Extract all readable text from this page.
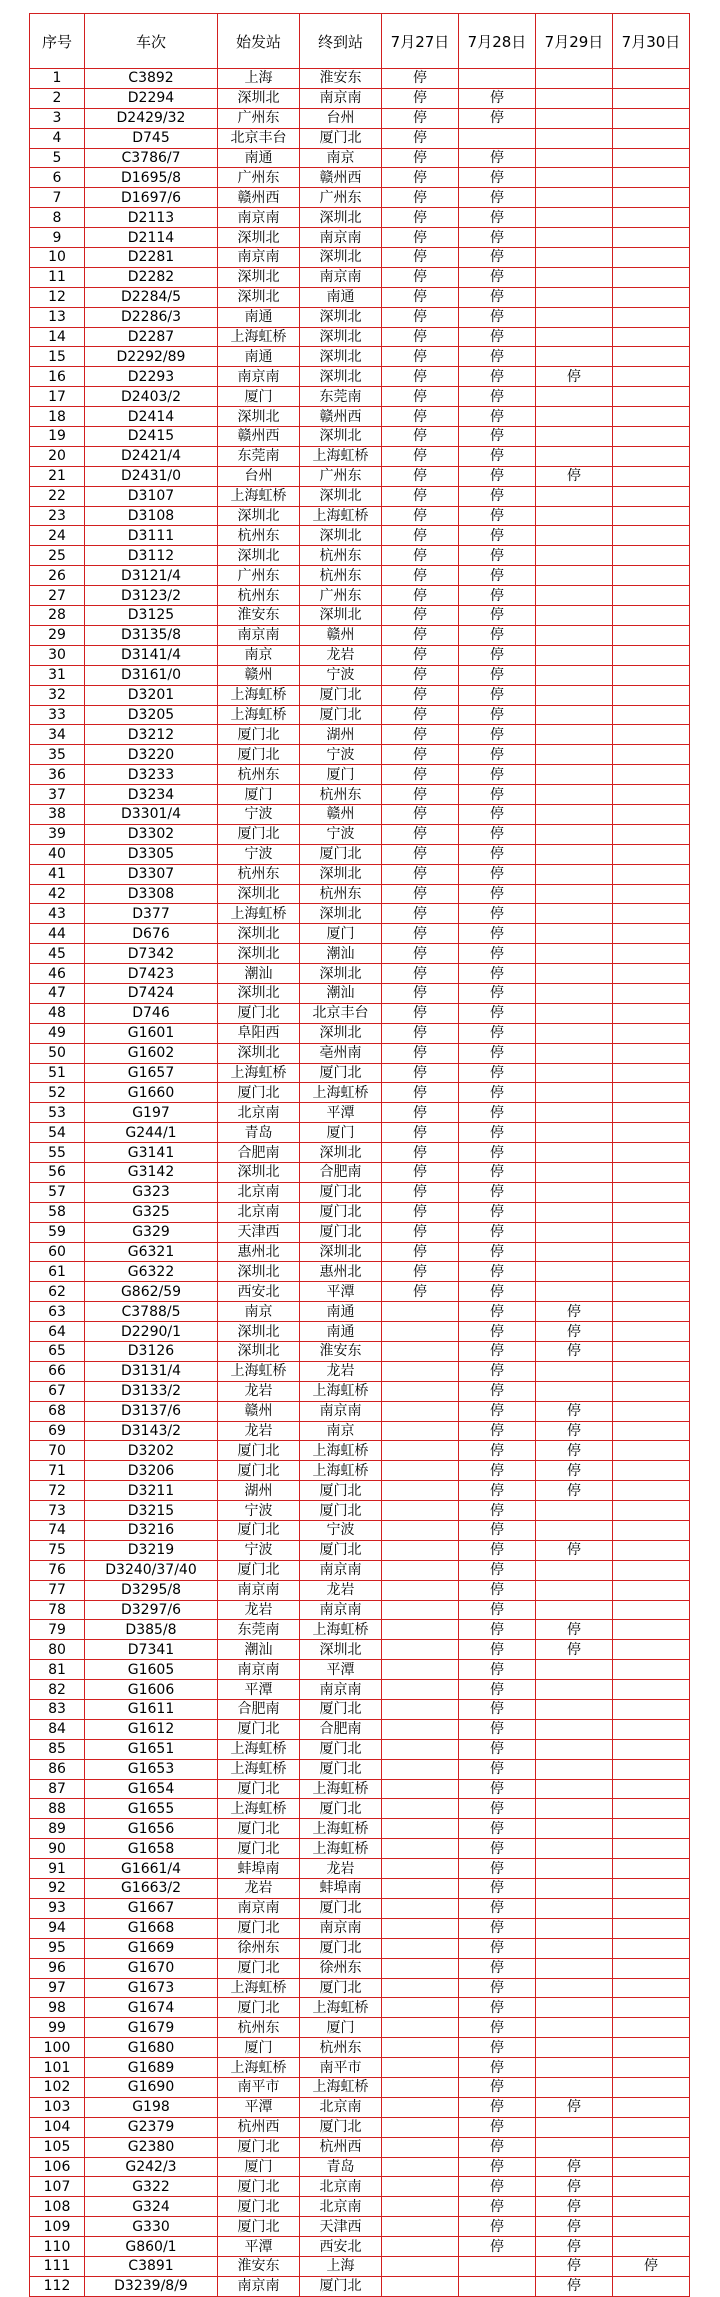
序号	车次	始发站	终到站	7月27日	7月28日	7月29日	7月30日
1	C3892	上海	淮安东	停			
2	D2294	深圳北	南京南	停	停		
3	D2429/32	广州东	台州	停	停		
4	D745	北京丰台	厦门北	停			
5	C3786/7	南通	南京	停	停		
6	D1695/8	广州东	赣州西	停	停		
7	D1697/6	赣州西	广州东	停	停		
8	D2113	南京南	深圳北	停	停		
9	D2114	深圳北	南京南	停	停		
10	D2281	南京南	深圳北	停	停		
11	D2282	深圳北	南京南	停	停		
12	D2284/5	深圳北	南通	停	停		
13	D2286/3	南通	深圳北	停	停		
14	D2287	上海虹桥	深圳北	停	停		
15	D2292/89	南通	深圳北	停	停		
16	D2293	南京南	深圳北	停	停	停	
17	D2403/2	厦门	东莞南	停	停		
18	D2414	深圳北	赣州西	停	停		
19	D2415	赣州西	深圳北	停	停		
20	D2421/4	东莞南	上海虹桥	停	停		
21	D2431/0	台州	广州东	停	停	停	
22	D3107	上海虹桥	深圳北	停	停		
23	D3108	深圳北	上海虹桥	停	停		
24	D3111	杭州东	深圳北	停	停		
25	D3112	深圳北	杭州东	停	停		
26	D3121/4	广州东	杭州东	停	停		
27	D3123/2	杭州东	广州东	停	停		
28	D3125	淮安东	深圳北	停	停		
29	D3135/8	南京南	赣州	停	停		
30	D3141/4	南京	龙岩	停	停		
31	D3161/0	赣州	宁波	停	停		
32	D3201	上海虹桥	厦门北	停	停		
33	D3205	上海虹桥	厦门北	停	停		
34	D3212	厦门北	湖州	停	停		
35	D3220	厦门北	宁波	停	停		
36	D3233	杭州东	厦门	停	停		
37	D3234	厦门	杭州东	停	停		
38	D3301/4	宁波	赣州	停	停		
39	D3302	厦门北	宁波	停	停		
40	D3305	宁波	厦门北	停	停		
41	D3307	杭州东	深圳北	停	停		
42	D3308	深圳北	杭州东	停	停		
43	D377	上海虹桥	深圳北	停	停		
44	D676	深圳北	厦门	停	停		
45	D7342	深圳北	潮汕	停	停		
46	D7423	潮汕	深圳北	停	停		
47	D7424	深圳北	潮汕	停	停		
48	D746	厦门北	北京丰台	停	停		
49	G1601	阜阳西	深圳北	停	停		
50	G1602	深圳北	亳州南	停	停		
51	G1657	上海虹桥	厦门北	停	停		
52	G1660	厦门北	上海虹桥	停	停		
53	G197	北京南	平潭	停	停		
54	G244/1	青岛	厦门	停	停		
55	G3141	合肥南	深圳北	停	停		
56	G3142	深圳北	合肥南	停	停		
57	G323	北京南	厦门北	停	停		
58	G325	北京南	厦门北	停	停		
59	G329	天津西	厦门北	停	停		
60	G6321	惠州北	深圳北	停	停		
61	G6322	深圳北	惠州北	停	停		
62	G862/59	西安北	平潭	停	停		
63	C3788/5	南京	南通		停	停	
64	D2290/1	深圳北	南通		停	停	
65	D3126	深圳北	淮安东		停	停	
66	D3131/4	上海虹桥	龙岩		停		
67	D3133/2	龙岩	上海虹桥		停		
68	D3137/6	赣州	南京南		停	停	
69	D3143/2	龙岩	南京		停	停	
70	D3202	厦门北	上海虹桥		停	停	
71	D3206	厦门北	上海虹桥		停	停	
72	D3211	湖州	厦门北		停	停	
73	D3215	宁波	厦门北		停		
74	D3216	厦门北	宁波		停		
75	D3219	宁波	厦门北		停	停	
76	D3240/37/40	厦门北	南京南		停		
77	D3295/8	南京南	龙岩		停		
78	D3297/6	龙岩	南京南		停		
79	D385/8	东莞南	上海虹桥		停	停	
80	D7341	潮汕	深圳北		停	停	
81	G1605	南京南	平潭		停		
82	G1606	平潭	南京南		停		
83	G1611	合肥南	厦门北		停		
84	G1612	厦门北	合肥南		停		
85	G1651	上海虹桥	厦门北		停		
86	G1653	上海虹桥	厦门北		停		
87	G1654	厦门北	上海虹桥		停		
88	G1655	上海虹桥	厦门北		停		
89	G1656	厦门北	上海虹桥		停		
90	G1658	厦门北	上海虹桥		停		
91	G1661/4	蚌埠南	龙岩		停		
92	G1663/2	龙岩	蚌埠南		停		
93	G1667	南京南	厦门北		停		
94	G1668	厦门北	南京南		停		
95	G1669	徐州东	厦门北		停		
96	G1670	厦门北	徐州东		停		
97	G1673	上海虹桥	厦门北		停		
98	G1674	厦门北	上海虹桥		停		
99	G1679	杭州东	厦门		停		
100	G1680	厦门	杭州东		停		
101	G1689	上海虹桥	南平市		停		
102	G1690	南平市	上海虹桥		停		
103	G198	平潭	北京南		停	停	
104	G2379	杭州西	厦门北		停		
105	G2380	厦门北	杭州西		停		
106	G242/3	厦门	青岛		停	停	
107	G322	厦门北	北京南		停	停	
108	G324	厦门北	北京南		停	停	
109	G330	厦门北	天津西		停	停	
110	G860/1	平潭	西安北		停	停	
111	C3891	淮安东	上海			停	停
112	D3239/8/9	南京南	厦门北			停	
